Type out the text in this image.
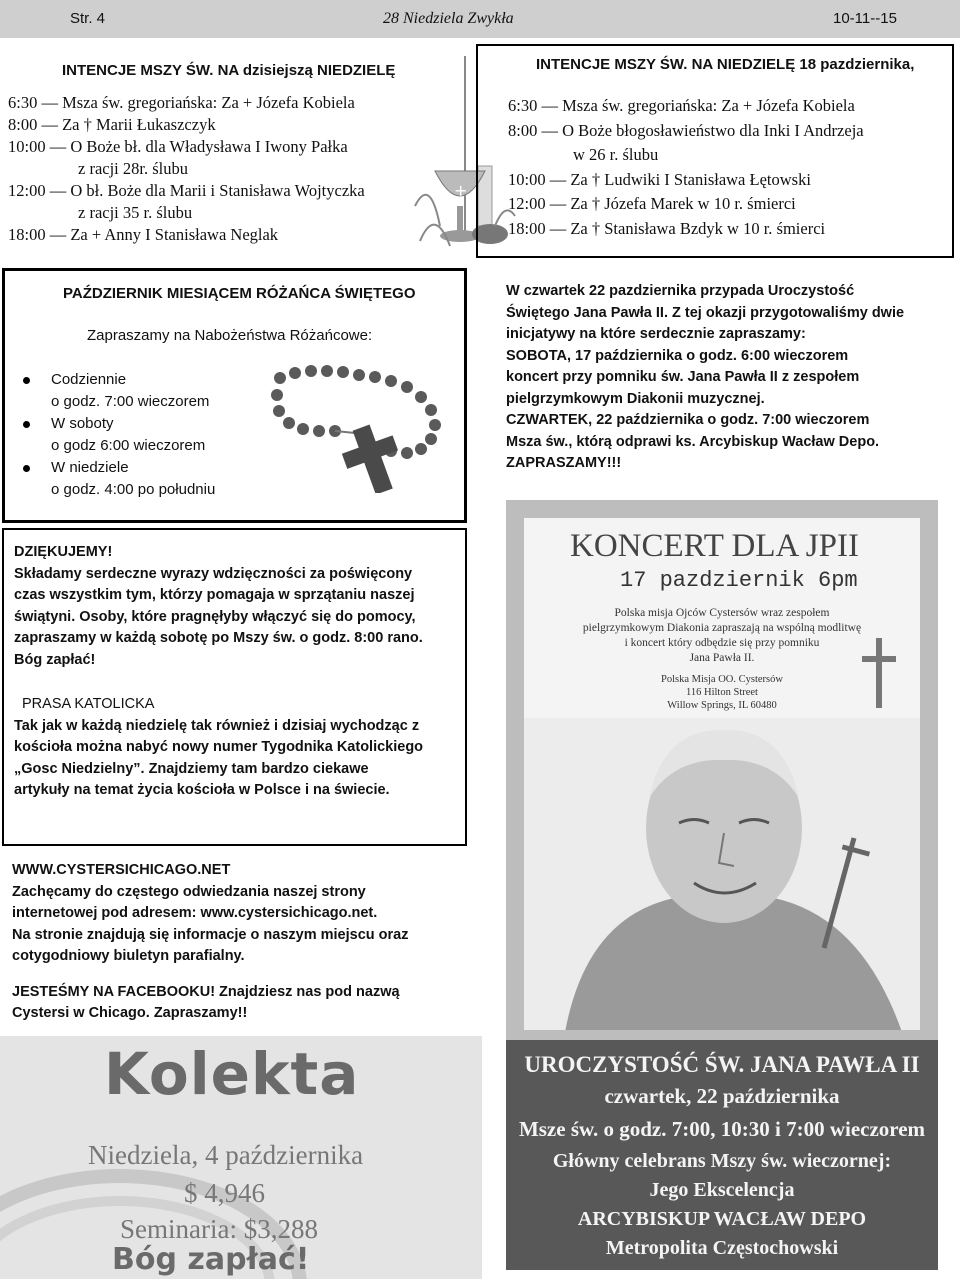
Str. 4	28 Niedziela Zwykła	10-11--15
INTENCJE MSZY ŚW. NA dzisiejszą NIEDZIELĘ
6:30 — Msza św. gregoriańska: Za + Józefa Kobiela
8:00 — Za † Marii Łukaszczyk
10:00 — O Boże bł. dla Władysława I Iwony Pałka
z racji 28r. ślubu
12:00 — O bł. Boże dla Marii i Stanisława Wojtyczka
z racji 35 r. ślubu
18:00 — Za + Anny I Stanisława Neglak
+
INTENCJE MSZY ŚW. NA NIEDZIELĘ 18 pazdziernika,
6:30 — Msza św. gregoriańska: Za + Józefa Kobiela
8:00 — O Boże błogosławieństwo dla Inki I Andrzeja
w 26 r. ślubu
10:00 — Za † Ludwiki I Stanisława Łętowski
12:00 — Za † Józefa Marek w 10 r. śmierci
18:00 — Za † Stanisława Bzdyk w 10 r. śmierci
PAŹDZIERNIK MIESIĄCEM RÓŻAŃCA ŚWIĘTEGO
Zapraszamy na Nabożeństwa Różańcowe:
Codziennie
o godz. 7:00 wieczorem
W soboty
o godz 6:00 wieczorem
W niedziele
o godz. 4:00 po południu
W czwartek 22 pazdziernika przypada Uroczystość
Świętego Jana Pawła II. Z tej okazji przygotowaliśmy dwie
inicjatywy na które serdecznie zapraszamy:
SOBOTA, 17 października o godz. 6:00 wieczorem
koncert przy pomniku św. Jana Pawła II z zespołem
pielgrzymkowym Diakonii muzycznej.
CZWARTEK, 22 października o godz. 7:00 wieczorem
Msza św., którą odprawi ks. Arcybiskup Wacław Depo.
ZAPRASZAMY!!!
DZIĘKUJEMY!
Składamy serdeczne wyrazy wdzięczności za poświęcony
czas wszystkim tym, którzy pomagaja w sprzątaniu naszej
świątyni. Osoby, które pragnęłyby włączyć się do pomocy,
zapraszamy w każdą sobotę po Mszy św. o godz. 8:00 rano.
Bóg zapłać!
PRASA KATOLICKA
Tak jak w każdą niedzielę tak również i dzisiaj wychodząc z
kościoła można nabyć nowy numer Tygodnika Katolickiego
„Gosc Niedzielny”. Znajdziemy tam bardzo ciekawe
artykuły na temat życia kościoła w Polsce i na świecie.
WWW.CYSTERSICHICAGO.NET
Zachęcamy do częstego odwiedzania naszej strony
internetowej pod adresem: www.cystersichicago.net.
Na stronie znajdują się informacje o naszym miejscu oraz
cotygodniowy biuletyn parafialny.
JESTEŚMY NA FACEBOOKU! Znajdziesz nas pod nazwą
Cystersi w Chicago. Zapraszamy!!
KONCERT DLA JPII
17 pazdziernik 6pm
Polska misja Ojców Cystersów wraz zespołem
pielgrzymkowym Diakonia zapraszają na wspólną modlitwę
i koncert który odbędzie się przy pomniku
Jana Pawła II.
Polska Misja OO. Cystersów
116 Hilton Street
Willow Springs, IL 60480
Kolekta
Niedziela, 4 października
$ 4,946
Seminaria: $3,288
Bóg zapłać!
UROCZYSTOŚĆ ŚW. JANA PAWŁA II
czwartek, 22 października
Msze św. o godz. 7:00, 10:30 i 7:00 wieczorem
Główny celebrans Mszy św. wieczornej:
Jego Ekscelencja
ARCYBISKUP WACŁAW DEPO
Metropolita Częstochowski
